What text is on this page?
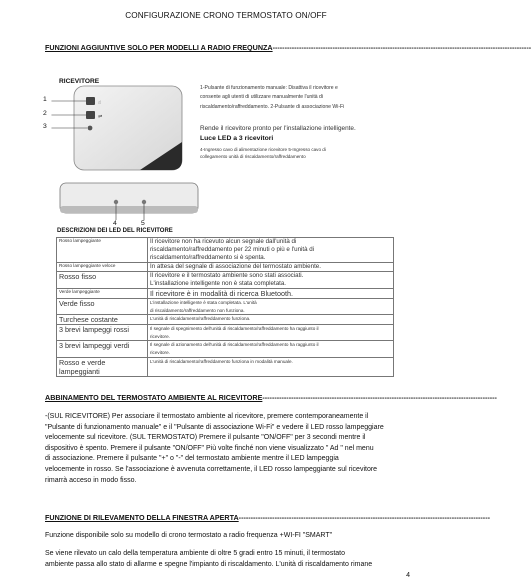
CONFIGURAZIONE CRONO TERMOSTATO ON/OFF
FUNZIONI AGGIUNTIVE SOLO PER MODELLI A RADIO FREQUNZA------------------------------------------------------------------------------------------------------------
RICEVITORE
☝
⇌
1
2
3
4	5
1-Pulsante di funzionamento manuale: Disattiva il ricevitore e
consente agli utenti di utilizzare manualmente l'unità di
riscaldamento/raffreddamento. 2-Pulsante di associazione Wi-Fi
Rende il ricevitore pronto per l'installazione intelligente.
Luce LED a 3 ricevitori
4-Ingresso cavo di alimentazione ricevitore 5-Ingresso cavo di
collegamento unità di riscaldamento/raffreddamento
DESCRIZIONI DEI LED DEL RICEVITORE
Rosso lampeggiante	Il ricevitore non ha ricevuto alcun segnale dall'unità di
riscaldamento/raffreddamento per 22 minuti o più e l'unità di
riscaldamento/raffreddamento si è spenta.

Rosso lampeggiante veloce	In attesa del segnale di associazione del termostato ambiente.

Rosso fisso	Il ricevitore e il termostato ambiente sono stati associati.
L'installazione intelligente non è stata completata.

Verde lampeggiante	Il ricevitore è in modalità di ricerca Bluetooth.

Verde fisso	L'installazione intelligente è stata completata. L'unità
di riscaldamento/raffreddamento non funziona.

Turchese costante	L'unità di riscaldamento/raffreddamento funziona.

3 brevi lampeggi rossi	Il segnale di spegnimento dell'unità di riscaldamento/raffreddamento ha raggiunto il
ricevitore.

3 brevi lampeggi verdi	Il segnale di azionamento dell'unità di riscaldamento/raffreddamento ha raggiunto il
ricevitore.

Rosso e verde lampeggianti	L'unità di riscaldamento/raffreddamento funziona in modalità manuale.
ABBINAMENTO DEL TERMOSTATO AMBIENTE AL RICEVITORE--------------------------------------------------------------------------------------------------
-(SUL RICEVITORE) Per associare il termostato ambiente al ricevitore, premere contemporaneamente il
"Pulsante di funzionamento manuale" e il "Pulsante di associazione Wi-Fi" e vedere il LED rosso lampeggiare
velocemente sul ricevitore. (SUL TERMOSTATO) Premere il pulsante "ON/OFF" per 3 secondi mentre il
dispositivo è spento. Premere il pulsante "ON/OFF" Più volte finché non viene visualizzato " Ad " nel menu
di associazione. Premere il pulsante "+" o "-" del termostato ambiente mentre il LED lampeggia
velocemente in rosso. Se l'associazione è avvenuta correttamente, il LED rosso lampeggiante sul ricevitore
rimarrà acceso in modo fisso.
FUNZIONE DI RILEVAMENTO DELLA FINESTRA APERTA---------------------------------------------------------------------------------------------------------
Funzione disponibile solo su modello di crono termostato a radio frequenza +WI-FI "SMART"
Se viene rilevato un calo della temperatura ambiente di oltre 5 gradi entro 15 minuti, il termostato
ambiente passa allo stato di allarme e spegne l'impianto di riscaldamento. L'unità di riscaldamento rimane
4
